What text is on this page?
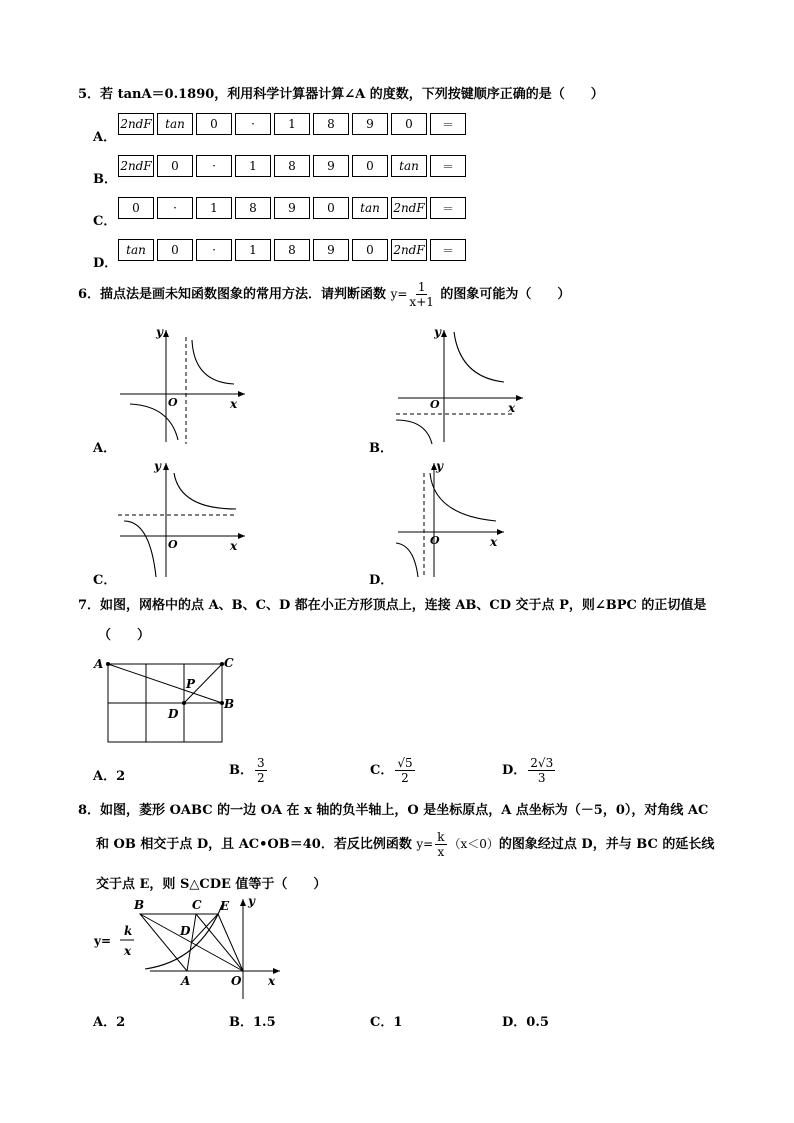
5．若 tanA＝0.1890，利用科学计算器计算∠A 的度数，下列按键顺序正确的是（　　）
A．
2ndF	tan	0	·	1	8	9	0	＝
B．
2ndF	0	·	1	8	9	0	tan	＝
C．
0	·	1	8	9	0	tan	2ndF	＝
D．
tan	0	·	1	8	9	0	2ndF	＝
6．描点法是画未知函数图象的常用方法．请判断函数 $y= \frac{1}{x+1}$ 的图象可能为（　　）
y
x
O
A．
y
x
O
B．
y
x
O
C．
y
x
O
D．
7．如图，网格中的点 A、B、C、D 都在小正方形顶点上，连接 AB、CD 交于点 P，则∠BPC 的正切值是
（　　）
A	C
B
D
P
A．2	B． $\frac{3}{2}$	C． $\frac{√5}{2}$	D． $\frac{2√3}{3}$
8．如图，菱形 OABC 的一边 OA 在 x 轴的负半轴上，O 是坐标原点，A 点坐标为（－5，0），对角线 AC
和 OB 相交于点 D，且 AC•OB＝40．若反比例函数 $y= \frac{k}{x} (x<0)$的图象经过点 D，并与 BC 的延长线
交于点 E，则 S△CDE 值等于（　　）
B	C E
D
A	O x
y
y=
k
x
A．2	B．1.5	C．1	D．0.5
